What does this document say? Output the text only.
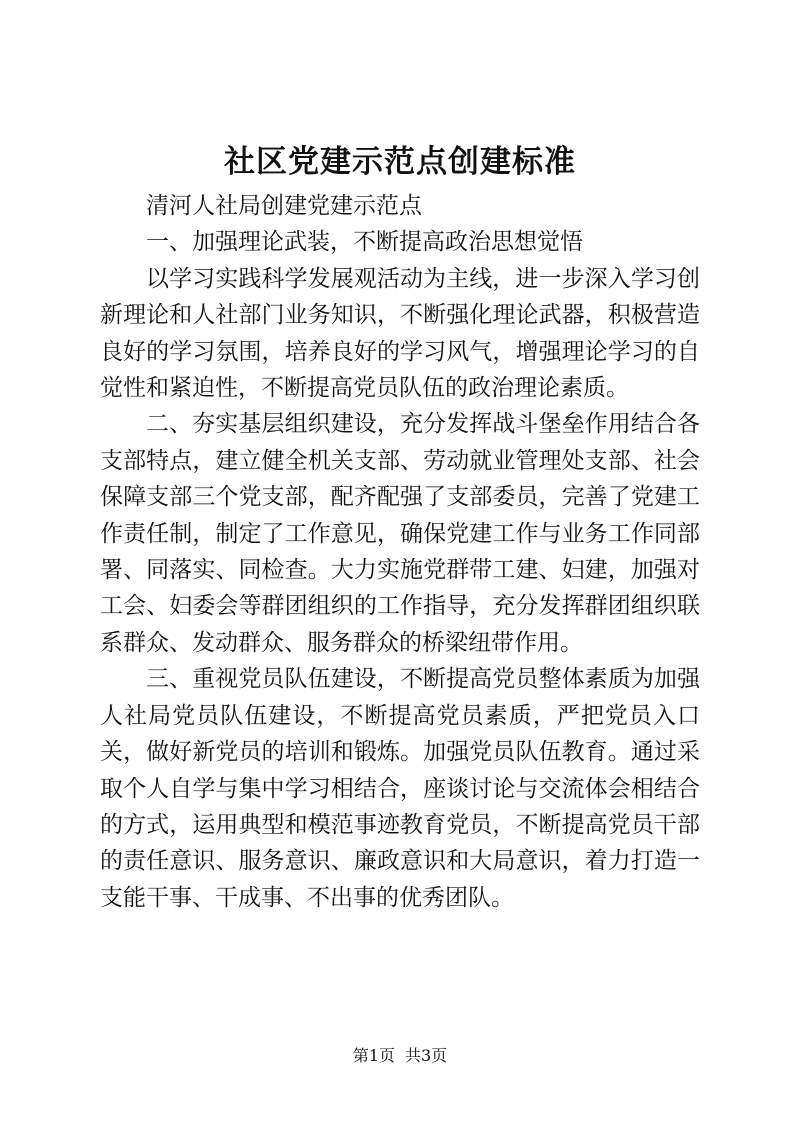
社区党建示范点创建标准

清河人社局创建党建示范点

一、加强理论武装，不断提高政治思想觉悟

以学习实践科学发展观活动为主线，进一步深入学习创新理论和人社部门业务知识，不断强化理论武器，积极营造良好的学习氛围，培养良好的学习风气，增强理论学习的自觉性和紧迫性，不断提高党员队伍的政治理论素质。

二、夯实基层组织建设，充分发挥战斗堡垒作用结合各支部特点，建立健全机关支部、劳动就业管理处支部、社会保障支部三个党支部，配齐配强了支部委员，完善了党建工作责任制，制定了工作意见，确保党建工作与业务工作同部署、同落实、同检查。大力实施党群带工建、妇建，加强对工会、妇委会等群团组织的工作指导，充分发挥群团组织联系群众、发动群众、服务群众的桥梁纽带作用。

三、重视党员队伍建设，不断提高党员整体素质为加强人社局党员队伍建设，不断提高党员素质，严把党员入口关，做好新党员的培训和锻炼。加强党员队伍教育。通过采取个人自学与集中学习相结合，座谈讨论与交流体会相结合的方式，运用典型和模范事迹教育党员，不断提高党员干部的责任意识、服务意识、廉政意识和大局意识，着力打造一支能干事、干成事、不出事的优秀团队。

第1页 共3页
